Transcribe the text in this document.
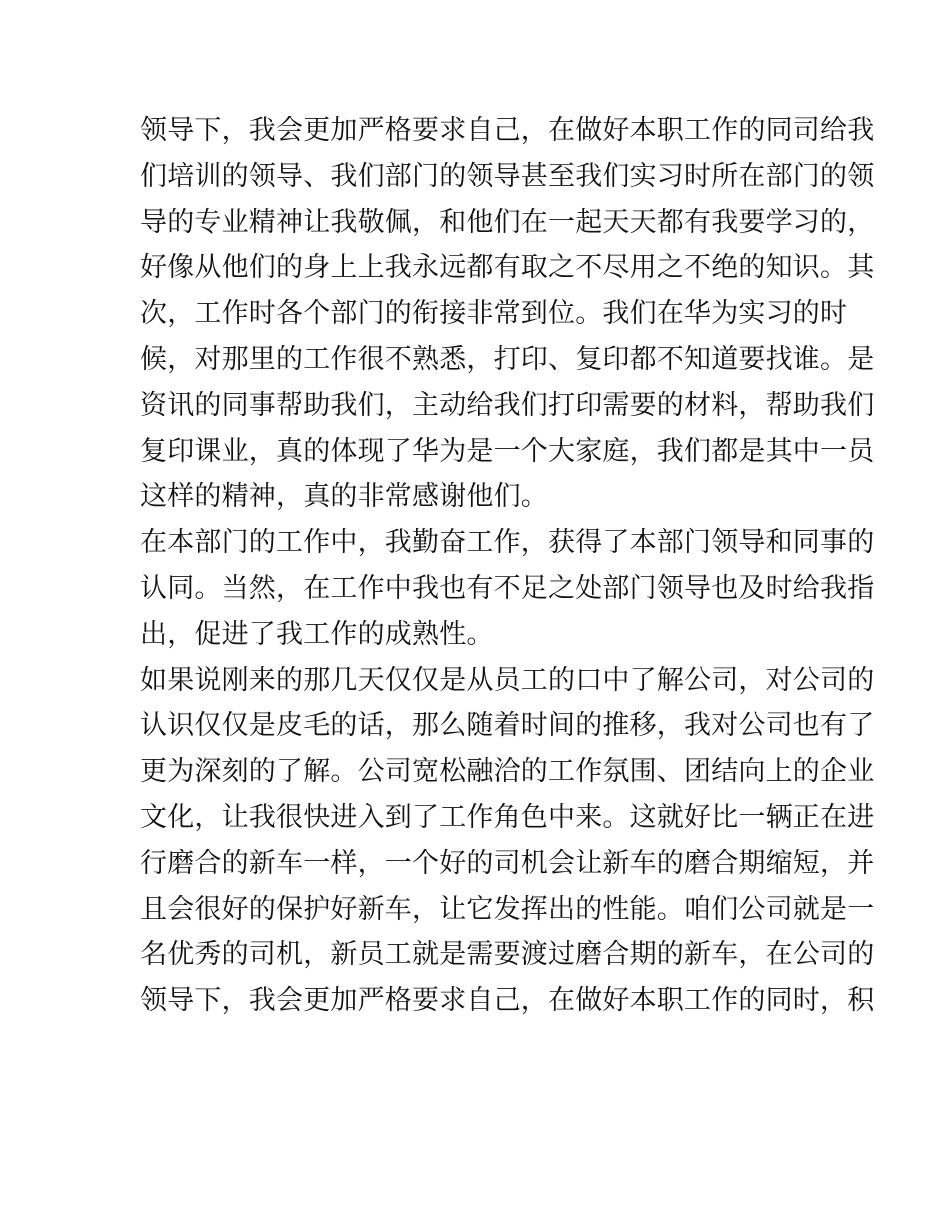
领导下，我会更加严格要求自己，在做好本职工作的同司给我
们培训的领导、我们部门的领导甚至我们实习时所在部门的领
导的专业精神让我敬佩，和他们在一起天天都有我要学习的，
好像从他们的身上上我永远都有取之不尽用之不绝的知识。其
次，工作时各个部门的衔接非常到位。我们在华为实习的时
候，对那里的工作很不熟悉，打印、复印都不知道要找谁。是
资讯的同事帮助我们，主动给我们打印需要的材料，帮助我们
复印课业，真的体现了华为是一个大家庭，我们都是其中一员
这样的精神，真的非常感谢他们。
在本部门的工作中，我勤奋工作，获得了本部门领导和同事的
认同。当然，在工作中我也有不足之处部门领导也及时给我指
出，促进了我工作的成熟性。
如果说刚来的那几天仅仅是从员工的口中了解公司，对公司的
认识仅仅是皮毛的话，那么随着时间的推移，我对公司也有了
更为深刻的了解。公司宽松融洽的工作氛围、团结向上的企业
文化，让我很快进入到了工作角色中来。这就好比一辆正在进
行磨合的新车一样，一个好的司机会让新车的磨合期缩短，并
且会很好的保护好新车，让它发挥出的性能。咱们公司就是一
名优秀的司机，新员工就是需要渡过磨合期的新车，在公司的
领导下，我会更加严格要求自己，在做好本职工作的同时，积
